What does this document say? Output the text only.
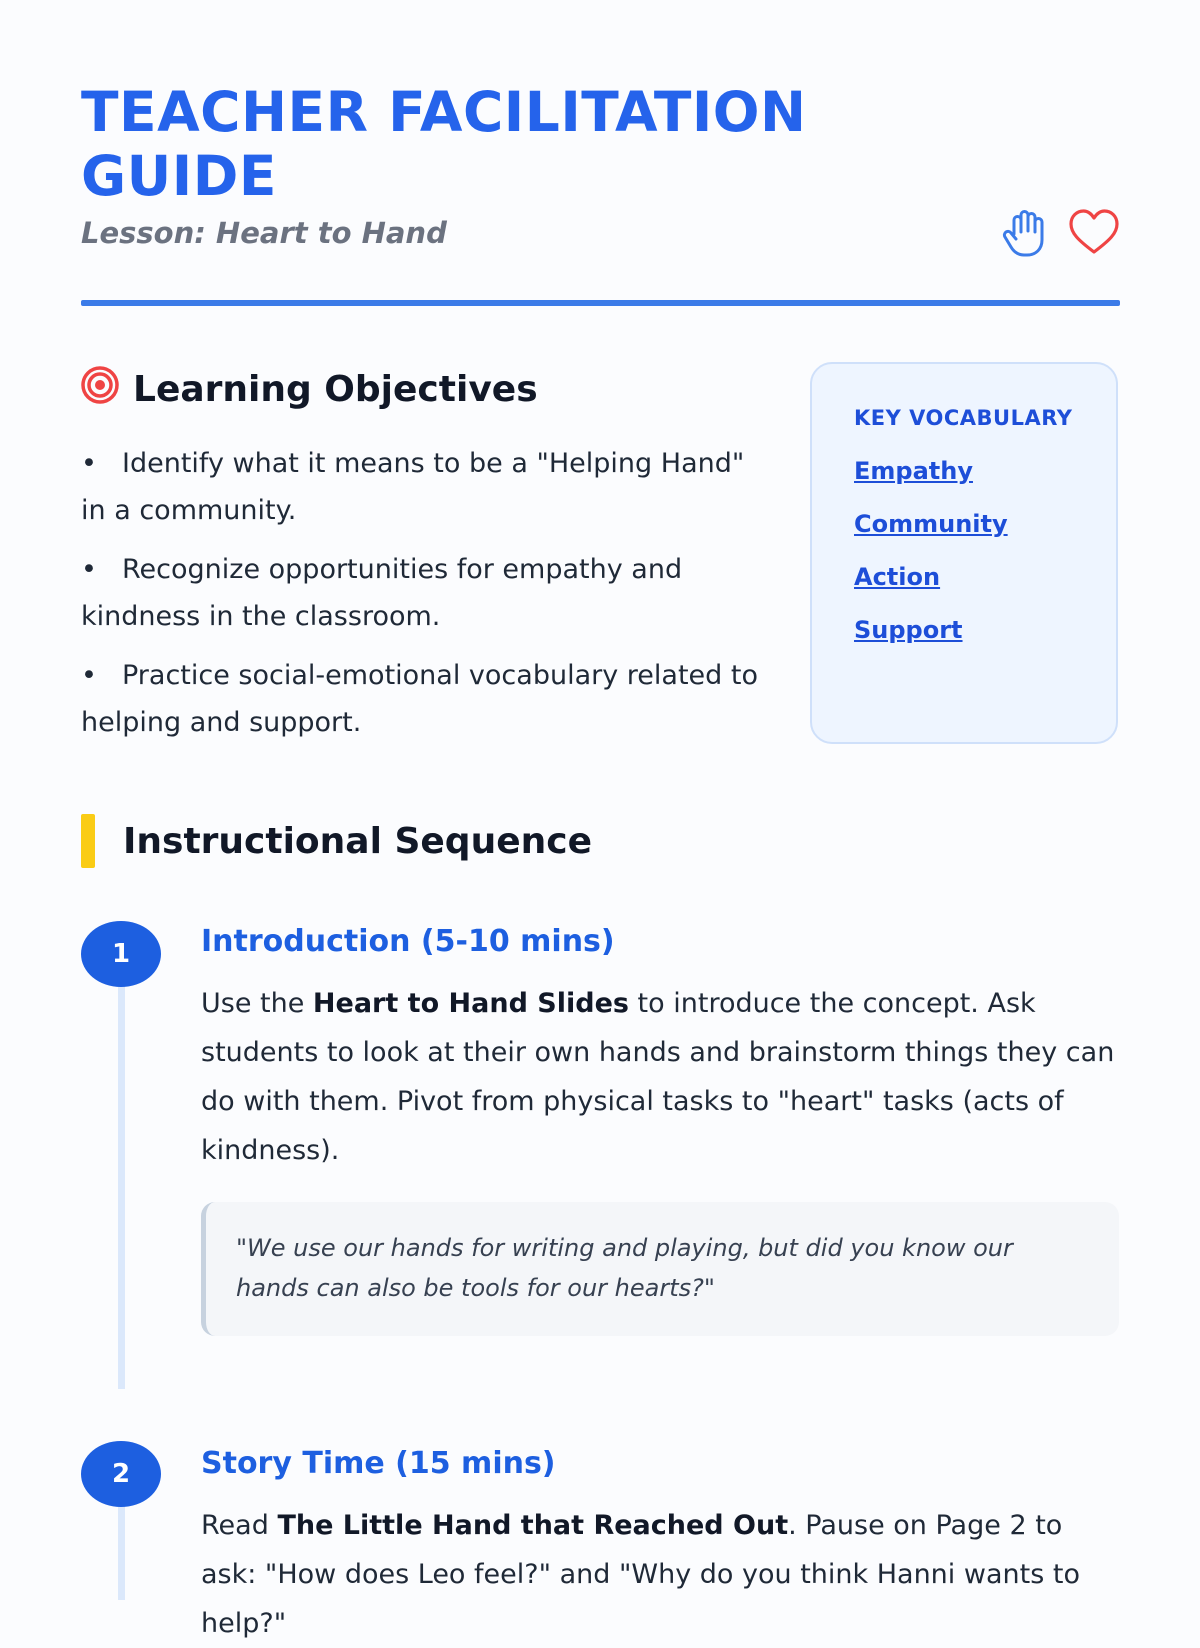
TEACHER FACILITATION GUIDE

Lesson: Heart to Hand

Learning Objectives
• Identify what it means to be a "Helping Hand" in a community.
• Recognize opportunities for empathy and kindness in the classroom.
• Practice social-emotional vocabulary related to helping and support.
KEY VOCABULARY
Empathy
Community
Action
Support
Instructional Sequence
1	Introduction (5-10 mins)

Use the Heart to Hand Slides to introduce the concept. Ask students to look at their own hands and brainstorm things they can do with them. Pivot from physical tasks to "heart" tasks (acts of kindness).

"We use our hands for writing and playing, but did you know our hands can also be tools for our hearts?"
2	Story Time (15 mins)

Read The Little Hand that Reached Out. Pause on Page 2 to ask: "How does Leo feel?" and "Why do you think Hanni wants to help?"
